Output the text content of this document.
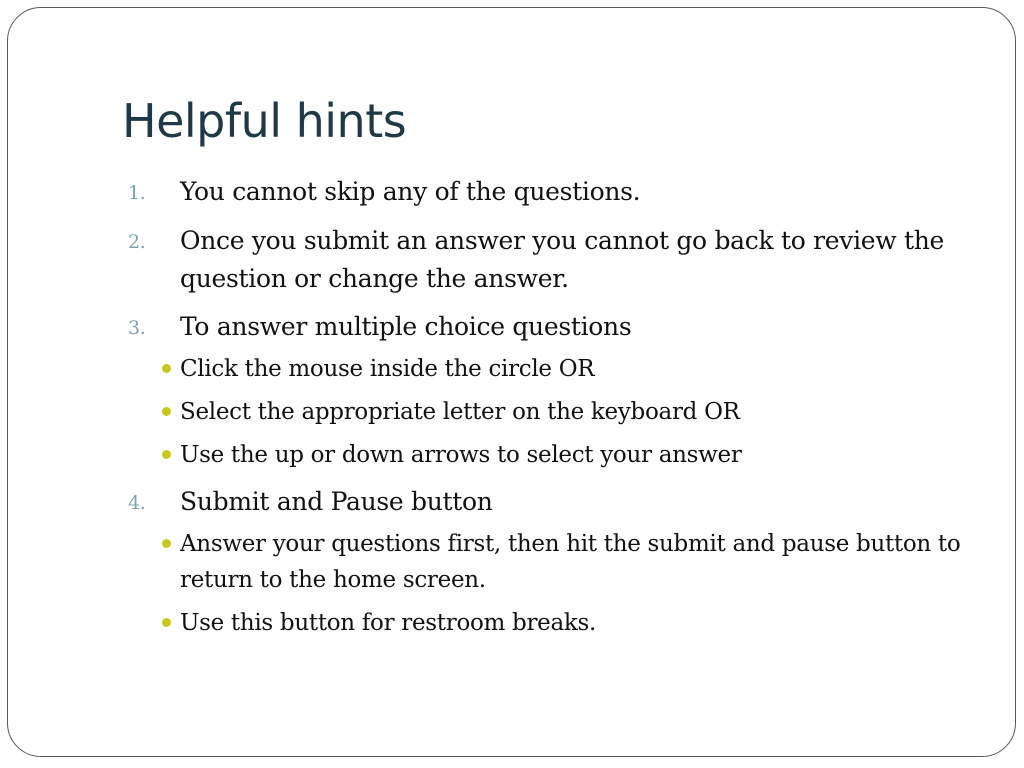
Helpful hints
1.	You cannot skip any of the questions.
2.	Once you submit an answer you cannot go back to review the question or change the answer.
3.	To answer multiple choice questions
Click the mouse inside the circle OR
Select the appropriate letter on the keyboard OR
Use the up or down arrows to select your answer
4.	Submit and Pause button
Answer your questions first, then hit the submit and pause button to return to the home screen.
Use this button for restroom breaks.
